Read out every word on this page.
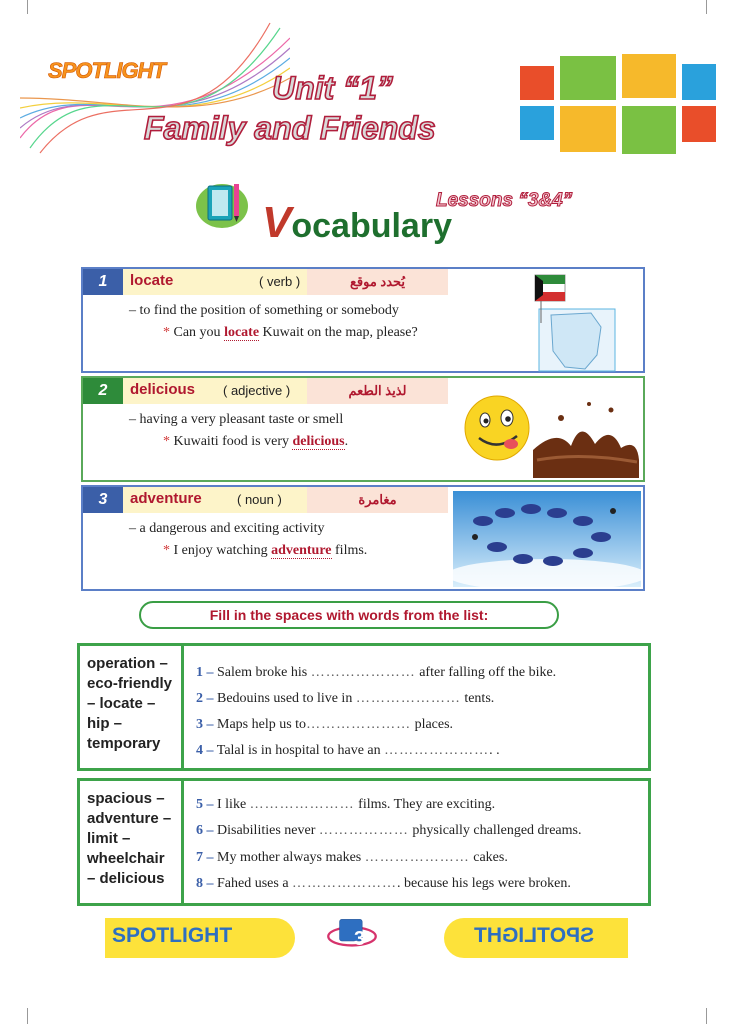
SPOTLIGHT	Unit “1”
Family and Friends
Vocabulary
Lessons “3&4”
1	locate	( verb )	يُحدد موقع
– to find the position of something or somebody
* Can you locate Kuwait on the map, please?
2	delicious ( adjective )	لذيذ الطعم
– having a very pleasant taste or smell
* Kuwaiti food is very delicious.
3	adventure	( noun )	مغامرة
– a dangerous and exciting activity
* I enjoy watching adventure films.
Fill in the spaces with words from the list:
operation –
eco-friendly
– locate –
hip –
temporary
1 – Salem broke his ………………… after falling off the bike.
2 – Bedouins used to live in ………………… tents.
3 – Maps help us to………………… places.
4 – Talal is in hospital to have an …………………. .
spacious –
adventure –
limit –
wheelchair
– delicious
5 – I like ………………… films. They are exciting.
6 – Disabilities never ……………… physically challenged dreams.
7 – My mother always makes ………………… cakes.
8 – Fahed uses a …………………. because his legs were broken.
SPOTLIGHT	SPOTLIGHT
3
